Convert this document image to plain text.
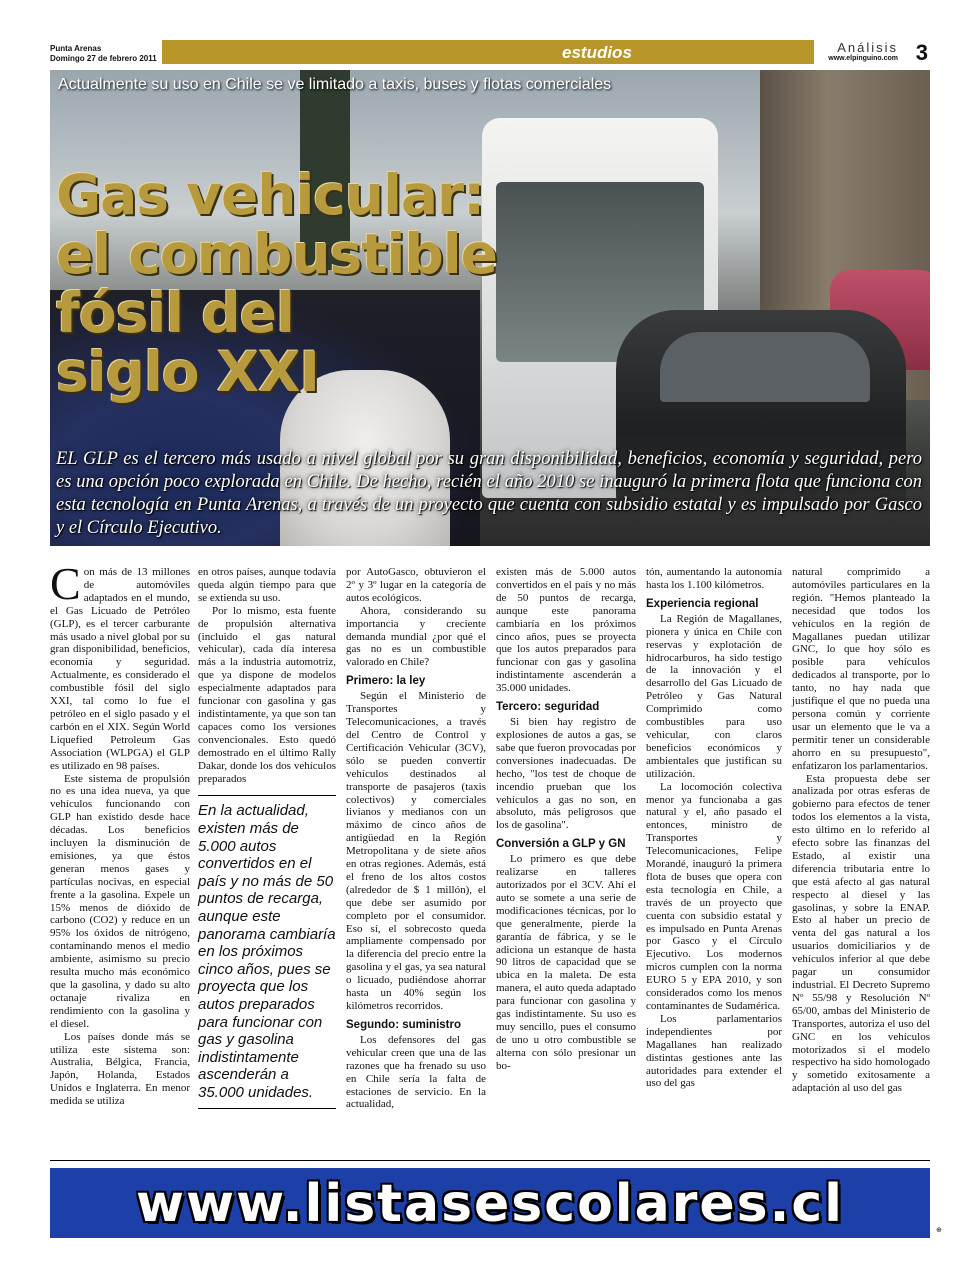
Punta Arenas
Domingo 27 de febrero 2011	estudios	Análisis
www.elpinguino.com 3
Actualmente su uso en Chile se ve limitado a taxis, buses y flotas comerciales
Gas vehicular:
el combustible
fósil del
siglo XXI
EL GLP es el tercero más usado a nivel global por su gran disponibilidad, beneficios, economía y seguridad, pero es una opción poco explorada en Chile. De hecho, recién el año 2010 se inauguró la primera flota que funciona con esta tecnología en Punta Arenas, a través de un proyecto que cuenta con subsidio estatal y es impulsado por Gasco y el Círculo Ejecutivo.

Con más de 13 millones de automóviles adaptados en el mundo, el Gas Licuado de Petróleo (GLP), es el tercer carburante más usado a nivel global por su gran disponibilidad, beneficios, economía y seguridad. Actualmente, es considerado el combustible fósil del siglo XXI, tal como lo fue el petróleo en el siglo pasado y el carbón en el XIX. Según World Liquefied Petroleum Gas Association (WLPGA) el GLP es utilizado en 98 países.

Este sistema de propulsión no es una idea nueva, ya que vehículos funcionando con GLP han existido desde hace décadas. Los beneficios incluyen la disminución de emisiones, ya que éstos generan menos gases y partículas nocivas, en especial frente a la gasolina. Expele un 15% menos de dióxido de carbono (CO2) y reduce en un 95% los óxidos de nitrógeno, contaminando menos el medio ambiente, asimismo su precio resulta mucho más económico que la gasolina, y dado su alto octanaje rivaliza en rendimiento con la gasolina y el diesel.

Los países donde más se utiliza este sistema son: Australia, Bélgica, Francia, Japón, Holanda, Estados Unidos e Inglaterra. En menor medida se utiliza

en otros países, aunque todavía queda algún tiempo para que se extienda su uso.

Por lo mismo, esta fuente de propulsión alternativa (incluido el gas natural vehicular), cada día interesa más a la industria automotriz, que ya dispone de modelos especialmente adaptados para funcionar con gasolina y gas indistintamente, ya que son tan capaces como los versiones convencionales. Esto quedó demostrado en el último Rally Dakar, donde los dos vehículos preparados

En la actualidad, existen más de 5.000 autos convertidos en el país y no más de 50 puntos de recarga, aunque este panorama cambiaría en los próximos cinco años, pues se proyecta que los autos preparados para funcionar con gas y gasolina indistintamente ascenderán a 35.000 unidades.

por AutoGasco, obtuvieron el 2º y 3º lugar en la categoría de autos ecológicos.

Ahora, considerando su importancia y creciente demanda mundial ¿por qué el gas no es un combustible valorado en Chile?

Primero: la ley

Según el Ministerio de Transportes y Telecomunicaciones, a través del Centro de Control y Certificación Vehicular (3CV), sólo se pueden convertir vehículos destinados al transporte de pasajeros (taxis colectivos) y comerciales livianos y medianos con un máximo de cinco años de antigüedad en la Región Metropolitana y de siete años en otras regiones. Además, está el freno de los altos costos (alrededor de $ 1 millón), el que debe ser asumido por completo por el consumidor. Eso sí, el sobrecosto queda ampliamente compensado por la diferencia del precio entre la gasolina y el gas, ya sea natural o licuado, pudiéndose ahorrar hasta un 40% según los kilómetros recorridos.

Segundo: suministro

Los defensores del gas vehicular creen que una de las razones que ha frenado su uso en Chile sería la falta de estaciones de servicio. En la actualidad,

existen más de 5.000 autos convertidos en el país y no más de 50 puntos de recarga, aunque este panorama cambiaría en los próximos cinco años, pues se proyecta que los autos preparados para funcionar con gas y gasolina indistintamente ascenderán a 35.000 unidades.

Tercero: seguridad

Si bien hay registro de explosiones de autos a gas, se sabe que fueron provocadas por conversiones inadecuadas. De hecho, "los test de choque de incendio prueban que los vehículos a gas no son, en absoluto, más peligrosos que los de gasolina".

Conversión a GLP y GN

Lo primero es que debe realizarse en talleres autorizados por el 3CV. Ahí el auto se somete a una serie de modificaciones técnicas, por lo que generalmente, pierde la garantía de fábrica, y se le adiciona un estanque de hasta 90 litros de capacidad que se ubica en la maleta. De esta manera, el auto queda adaptado para funcionar con gasolina y gas indistintamente. Su uso es muy sencillo, pues el consumo de uno u otro combustible se alterna con sólo presionar un bo-

tón, aumentando la autonomía hasta los 1.100 kilómetros.

Experiencia regional

La Región de Magallanes, pionera y única en Chile con reservas y explotación de hidrocarburos, ha sido testigo de la innovación y el desarrollo del Gas Licuado de Petróleo y Gas Natural Comprimido como combustibles para uso vehicular, con claros beneficios económicos y ambientales que justifican su utilización.

La locomoción colectiva menor ya funcionaba a gas natural y el, año pasado el entonces, ministro de Transportes y Telecomunicaciones, Felipe Morandé, inauguró la primera flota de buses que opera con esta tecnología en Chile, a través de un proyecto que cuenta con subsidio estatal y es impulsado en Punta Arenas por Gasco y el Círculo Ejecutivo. Los modernos micros cumplen con la norma EURO 5 y EPA 2010, y son considerados como los menos contaminantes de Sudamérica.

Los parlamentarios independientes por Magallanes han realizado distintas gestiones ante las autoridades para extender el uso del gas

natural comprimido a automóviles particulares en la región. "Hemos planteado la necesidad que todos los vehículos en la región de Magallanes puedan utilizar GNC, lo que hoy sólo es posible para vehículos dedicados al transporte, por lo tanto, no hay nada que justifique el que no pueda una persona común y corriente usar un elemento que le va a permitir tener un considerable ahorro en su presupuesto", enfatizaron los parlamentarios.

Esta propuesta debe ser analizada por otras esferas de gobierno para efectos de tener todos los elementos a la vista, esto último en lo referido al efecto sobre las finanzas del Estado, al existir una diferencia tributaria entre lo que está afecto al gas natural respecto al diesel y las gasolinas, y sobre la ENAP. Esto al haber un precio de venta del gas natural a los usuarios domiciliarios y de vehículos inferior al que debe pagar un consumidor industrial. El Decreto Supremo Nº 55/98 y Resolución Nº 65/00, ambas del Ministerio de Transportes, autoriza el uso del GNC en los vehículos motorizados si el modelo respectivo ha sido homologado y sometido exitosamente a adaptación al uso del gas

www.listasescolares.cl	⊕
